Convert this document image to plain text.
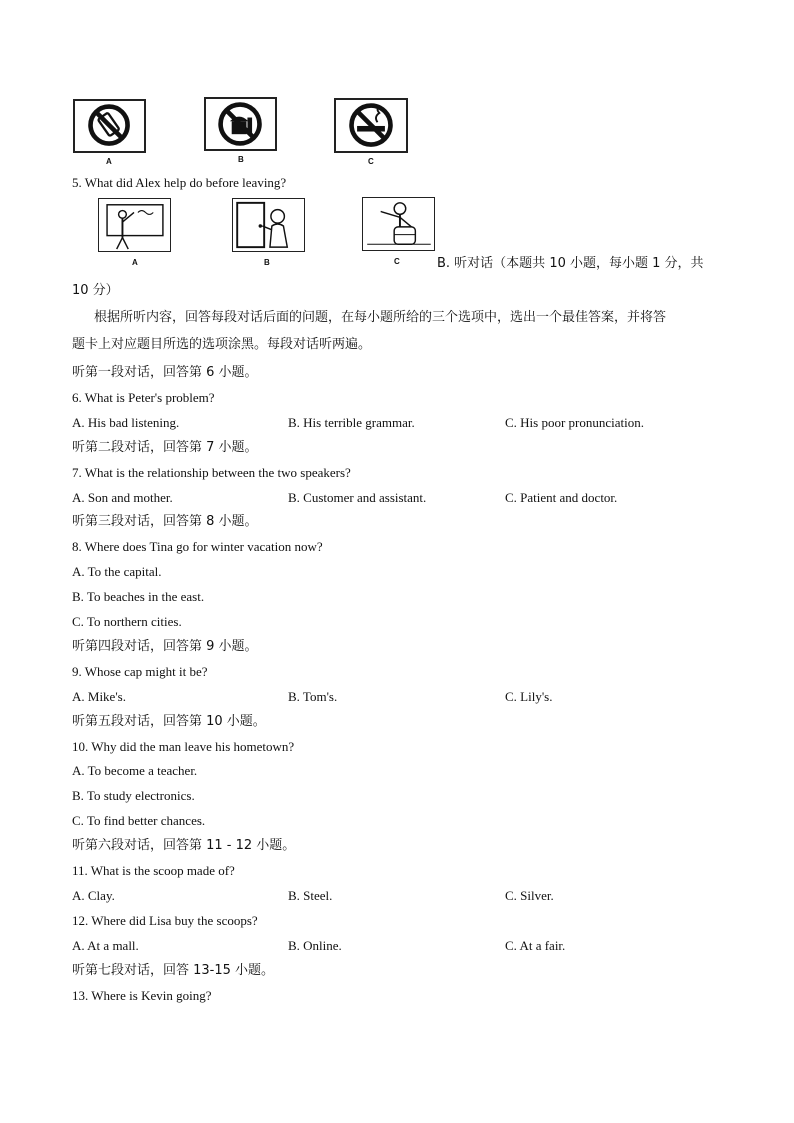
A	B	C
5. What did Alex help do before leaving?
A	B	C	B. 听对话（本题共 10 小题，每小题 1 分，共
10 分）
根据所听内容，回答每段对话后面的问题，在每小题所给的三个选项中，选出一个最佳答案，并将答
题卡上对应题目所选的选项涂黑。每段对话听两遍。
听第一段对话，回答第 6 小题。
6. What is Peter's problem?
A. His bad listening.	B. His terrible grammar.	C. His poor pronunciation.
听第二段对话，回答第 7 小题。
7. What is the relationship between the two speakers?
A. Son and mother.	B. Customer and assistant.	C. Patient and doctor.
听第三段对话，回答第 8 小题。
8. Where does Tina go for winter vacation now?
A. To the capital.
B. To beaches in the east.
C. To northern cities.
听第四段对话，回答第 9 小题。
9. Whose cap might it be?
A. Mike's.	B. Tom's.	C. Lily's.
听第五段对话，回答第 10 小题。
10. Why did the man leave his hometown?
A. To become a teacher.
B. To study electronics.
C. To find better chances.
听第六段对话，回答第 11 - 12 小题。
11. What is the scoop made of?
A. Clay.	B. Steel.	C. Silver.
12. Where did Lisa buy the scoops?
A. At a mall.	B. Online.	C. At a fair.
听第七段对话，回答 13-15 小题。
13. Where is Kevin going?
